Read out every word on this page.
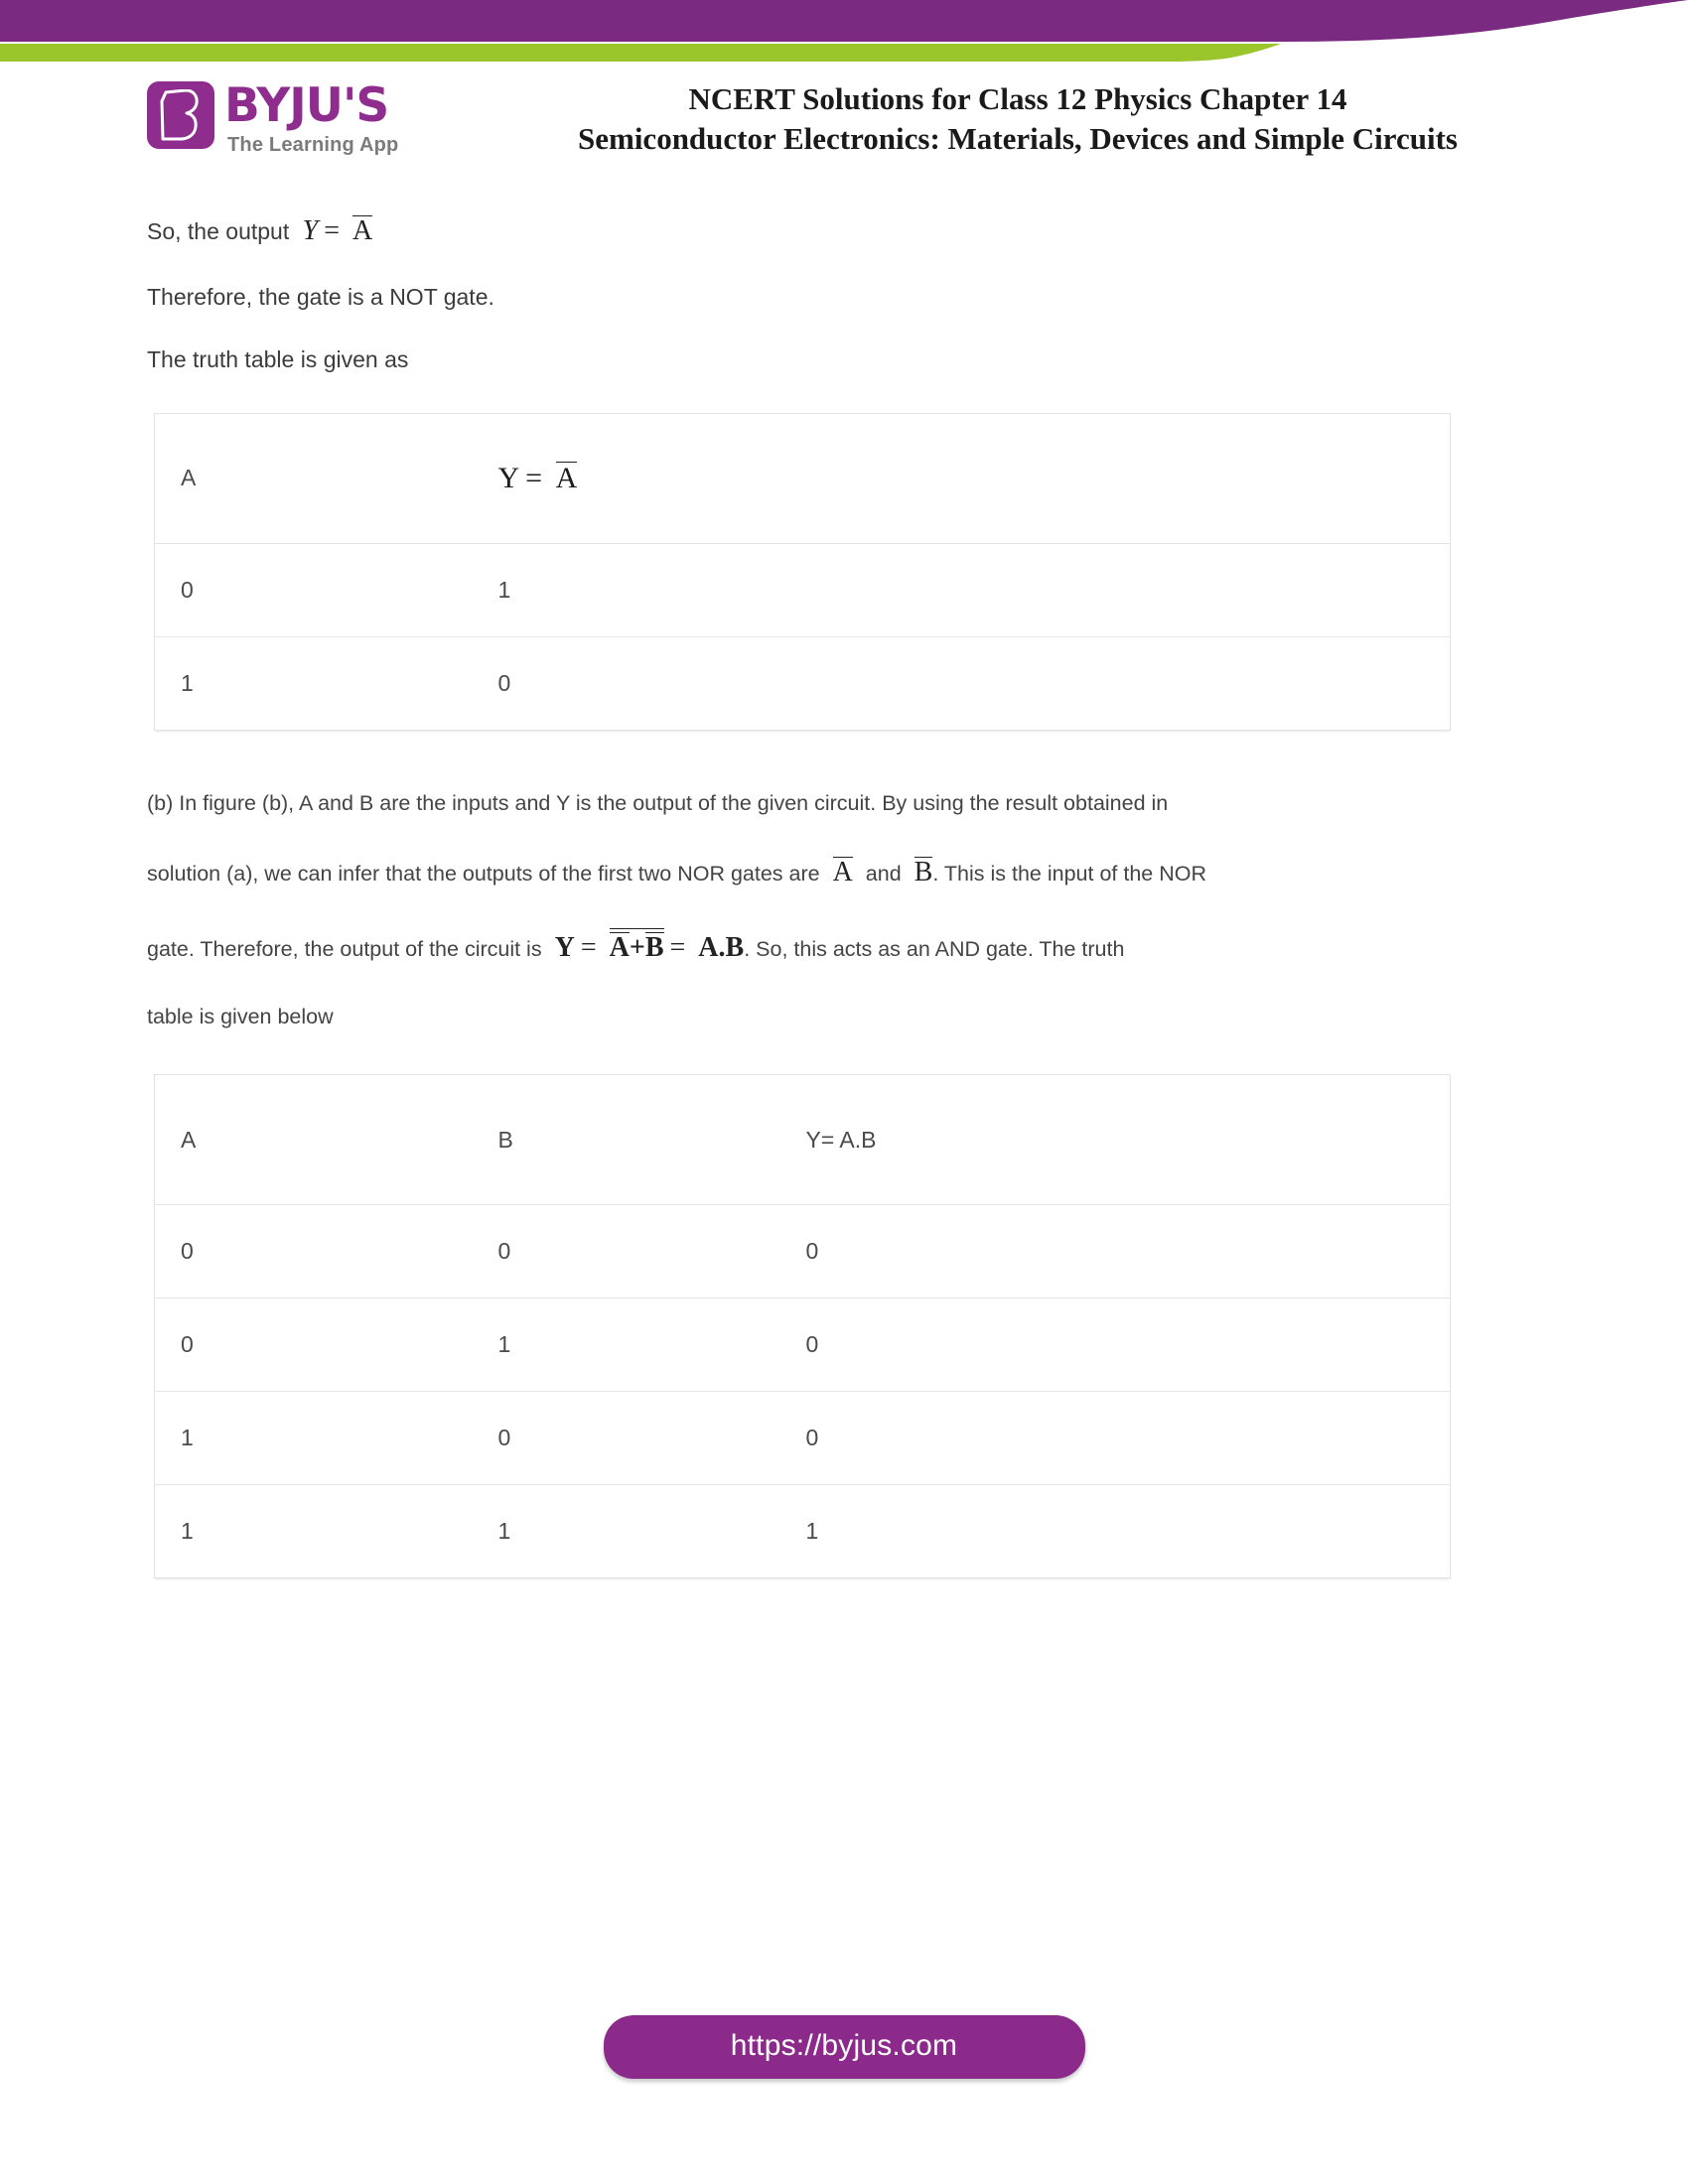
BYJU'S
The Learning App
NCERT Solutions for Class 12 Physics Chapter 14
Semiconductor Electronics: Materials, Devices and Simple Circuits

So, the output Y = A

Therefore, the gate is a NOT gate.

The truth table is given as

A	Y = A
0	1
1	0

(b) In figure (b), A and B are the inputs and Y is the output of the given circuit. By using the result obtained in

solution (a), we can infer that the outputs of the first two NOR gates are A and B. This is the input of the NOR

gate. Therefore, the output of the circuit is Y = A+B = A.B. So, this acts as an AND gate. The truth

table is given below

A	B	Y= A.B
0	0	0
0	1	0
1	0	0
1	1	1
https://byjus.com
